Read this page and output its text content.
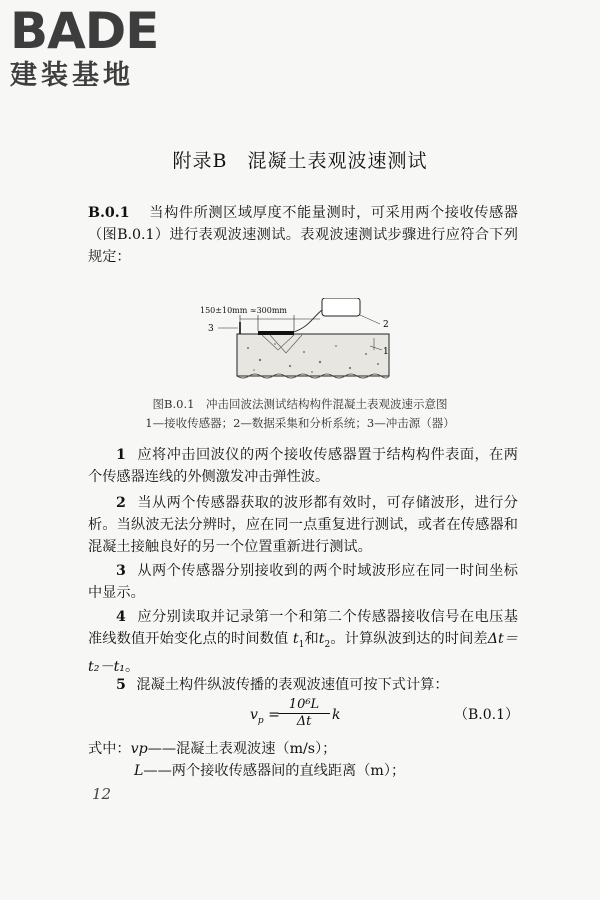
BADE
建装基地
附录B　混凝土表观波速测试
B.0.1 当构件所测区域厚度不能量测时，可采用两个接收传感器（图B.0.1）进行表观波速测试。表观波速测试步骤进行应符合下列规定：
150±10mm ≈300mm
3	2
1
图B.0.1　冲击回波法测试结构构件混凝土表观波速示意图
1—接收传感器；2—数据采集和分析系统；3—冲击源（器）
1 应将冲击回波仪的两个接收传感器置于结构构件表面，在两个传感器连线的外侧激发冲击弹性波。
2 当从两个传感器获取的波形都有效时，可存储波形，进行分析。当纵波无法分辨时，应在同一点重复进行测试，或者在传感器和混凝土接触良好的另一个位置重新进行测试。
3 从两个传感器分别接收到的两个时域波形应在同一时间坐标中显示。
4 应分别读取并记录第一个和第二个传感器接收信号在电压基准线数值开始变化点的时间数值 $t_1$和$t_2$。计算纵波到达的时间差Δt＝t₂－t₁。
5 混凝土构件纵波传播的表观波速值可按下式计算：
$v_p$ =
$\frac{\text{10⁶L}}{\Delta t}$ k	（B.0.1）
式中：vp——混凝土表观波速（m/s）；
L——两个接收传感器间的直线距离（m）；
12
